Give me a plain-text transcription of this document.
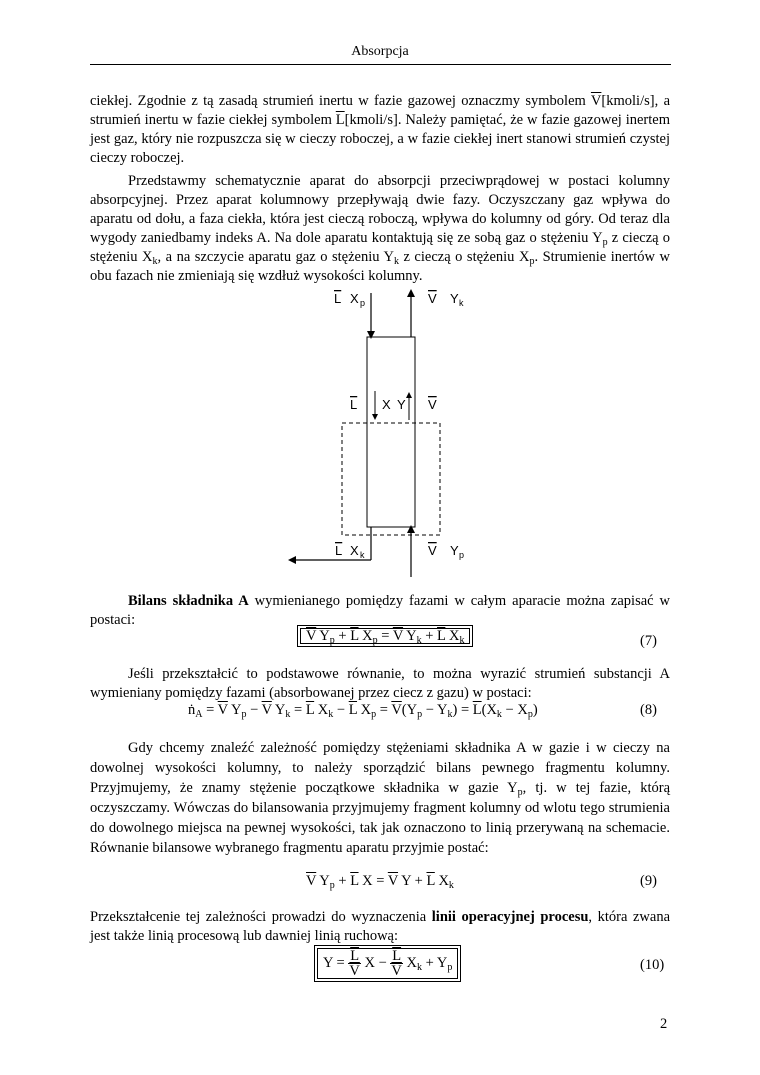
Absorpcja
ciekłej. Zgodnie z tą zasadą strumień inertu w fazie gazowej oznaczmy symbolem $\overline{V}[kmoli/s]$, a strumień inertu w fazie ciekłej symbolem $\overline{L}[kmoli/s]$. Należy pamiętać, że w fazie gazowej inertem jest gaz, który nie rozpuszcza się w cieczy roboczej, a w fazie ciekłej inert stanowi strumień czystej cieczy roboczej.
Przedstawmy schematycznie aparat do absorpcji przeciwprądowej w postaci kolumny absorpcyjnej. Przez aparat kolumnowy przepływają dwie fazy. Oczyszczany gaz wpływa do aparatu od dołu, a faza ciekła, która jest cieczą roboczą, wpływa do kolumny od góry. Od teraz dla wygody zaniedbamy indeks A. Na dole aparatu kontaktują się ze sobą gaz o stężeniu $Y_p$ z cieczą o stężeniu $X_k$, a na szczycie aparatu gaz o stężeniu $Y_k$ z cieczą o stężeniu $X_p$. Strumienie inertów w obu fazach nie zmieniają się wzdłuż wysokości kolumny.
L X p	V Y k
L X Y V
L X k	V Y p
Bilans składnika A wymienianego pomiędzy fazami w całym aparacie można zapisać w postaci:
$\overline{V}$ $Y_p + \overline{L}$ $X_p = \overline{V}$ $Y_k + \overline{L}$ $X_k$	(7)
Jeśli przekształcić to podstawowe równanie, to można wyrazić strumień substancji A wymieniany pomiędzy fazami (absorbowanej przez ciecz z gazu) w postaci:
ṅ$_A$ = $\overline{V}$ $Y_p - \overline{V}$ $Y_k = \overline{L}$ $X_k - \overline{L}$ $X_p = \overline{V}(Y_p - Y_k) = \overline{L}(X_k - X_p)$	(8)
Gdy chcemy znaleźć zależność pomiędzy stężeniami składnika A w gazie i w cieczy na dowolnej wysokości kolumny, to należy sporządzić bilans pewnego fragmentu kolumny. Przyjmujemy, że znamy stężenie początkowe składnika w gazie $Y_p$, tj. w tej fazie, którą oczyszczamy. Wówczas do bilansowania przyjmujemy fragment kolumny od wlotu tego strumienia do dowolnego miejsca na pewnej wysokości, tak jak oznaczono to linią przerywaną na schemacie. Równanie bilansowe wybranego fragmentu aparatu przyjmie postać:
$\overline{V}$ $Y_p + \overline{L}$ $X = \overline{V}$ $Y + \overline{L}$ $X_k$	(9)
Przekształcenie tej zależności prowadzi do wyznaczenia linii operacyjnej procesu, która zwana jest także linią procesową lub dawniej linią ruchową:
$Y = \frac{\overline{L}}{V}$ $X - \frac{\overline{L}}{V} X_k + Y_p$	(10)
2
